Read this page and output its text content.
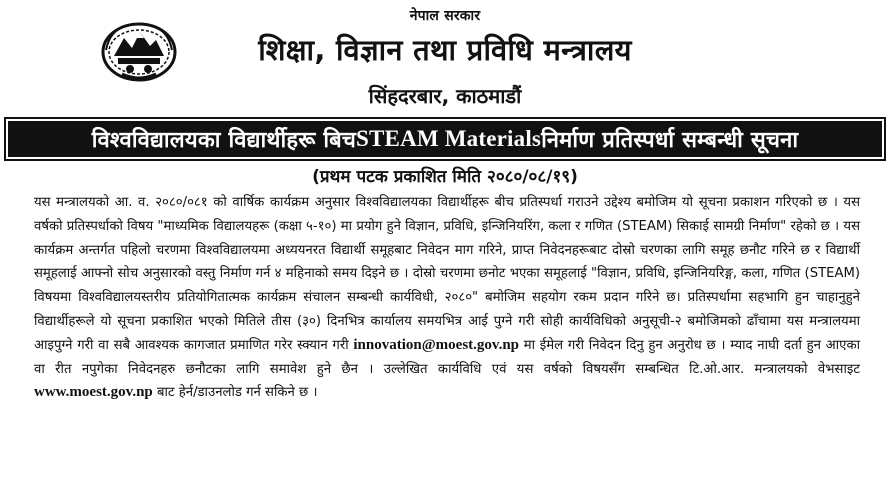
नेपाल सरकार
शिक्षा, विज्ञान तथा प्रविधि मन्त्रालय
सिंहदरबार, काठमाडौं
विश्वविद्यालयका विद्यार्थीहरू बिच STEAM Materials निर्माण प्रतिस्पर्धा सम्बन्धी सूचना
(प्रथम पटक प्रकाशित मिति २०८०/०८/१९)
यस मन्त्रालयको आ. व. २०८०/०८१ को वार्षिक कार्यक्रम अनुसार विश्वविद्यालयका विद्यार्थीहरू बीच प्रतिस्पर्धा गराउने उद्देश्य बमोजिम यो सूचना प्रकाशन गरिएको छ । यस वर्षको प्रतिस्पर्धाको विषय "माध्यमिक विद्यालयहरू (कक्षा ५-१०) मा प्रयोग हुने विज्ञान, प्रविधि, इन्जिनियरिंग, कला र गणित (STEAM) सिकाई सामग्री निर्माण" रहेको छ । यस कार्यक्रम अन्तर्गत पहिलो चरणमा विश्वविद्यालयमा अध्ययनरत विद्यार्थी समूहबाट निवेदन माग गरिने, प्राप्त निवेदनहरूबाट दोस्रो चरणका लागि समूह छनौट गरिने छ र विद्यार्थी समूहलाई आफ्नो सोच अनुसारको वस्तु निर्माण गर्न ४ महिनाको समय दिइने छ । दोस्रो चरणमा छनोट भएका समूहलाई "विज्ञान, प्रविधि, इन्जिनियरिङ्ग, कला, गणित (STEAM) विषयमा विश्वविद्यालयस्तरीय प्रतियोगितात्मक कार्यक्रम संचालन सम्बन्धी कार्यविधी, २०८०" बमोजिम सहयोग रकम प्रदान गरिने छ। प्रतिस्पर्धामा सहभागि हुन चाहानुहुने विद्यार्थीहरूले यो सूचना प्रकाशित भएको मितिले तीस (३०) दिनभित्र कार्यालय समयभित्र आई पुग्ने गरी सोही कार्यविधिको अनुसूची-२ बमोजिमको ढाँचामा यस मन्त्रालयमा आइपुग्ने गरी वा सबै आवश्यक कागजात प्रमाणित गरेर स्क्यान गरी innovation@moest.gov.np मा ईमेल गरी निवेदन दिनु हुन अनुरोध छ । म्याद नाघी दर्ता हुन आएका वा रीत नपुगेका निवेदनहरु छनौटका लागि समावेश हुने छैन । उल्लेखित कार्यविधि एवं यस वर्षको विषयसँग सम्बन्धित टि.ओ.आर. मन्त्रालयको वेभसाइट www.moest.gov.np बाट हेर्न/डाउनलोड गर्न सकिने छ ।
